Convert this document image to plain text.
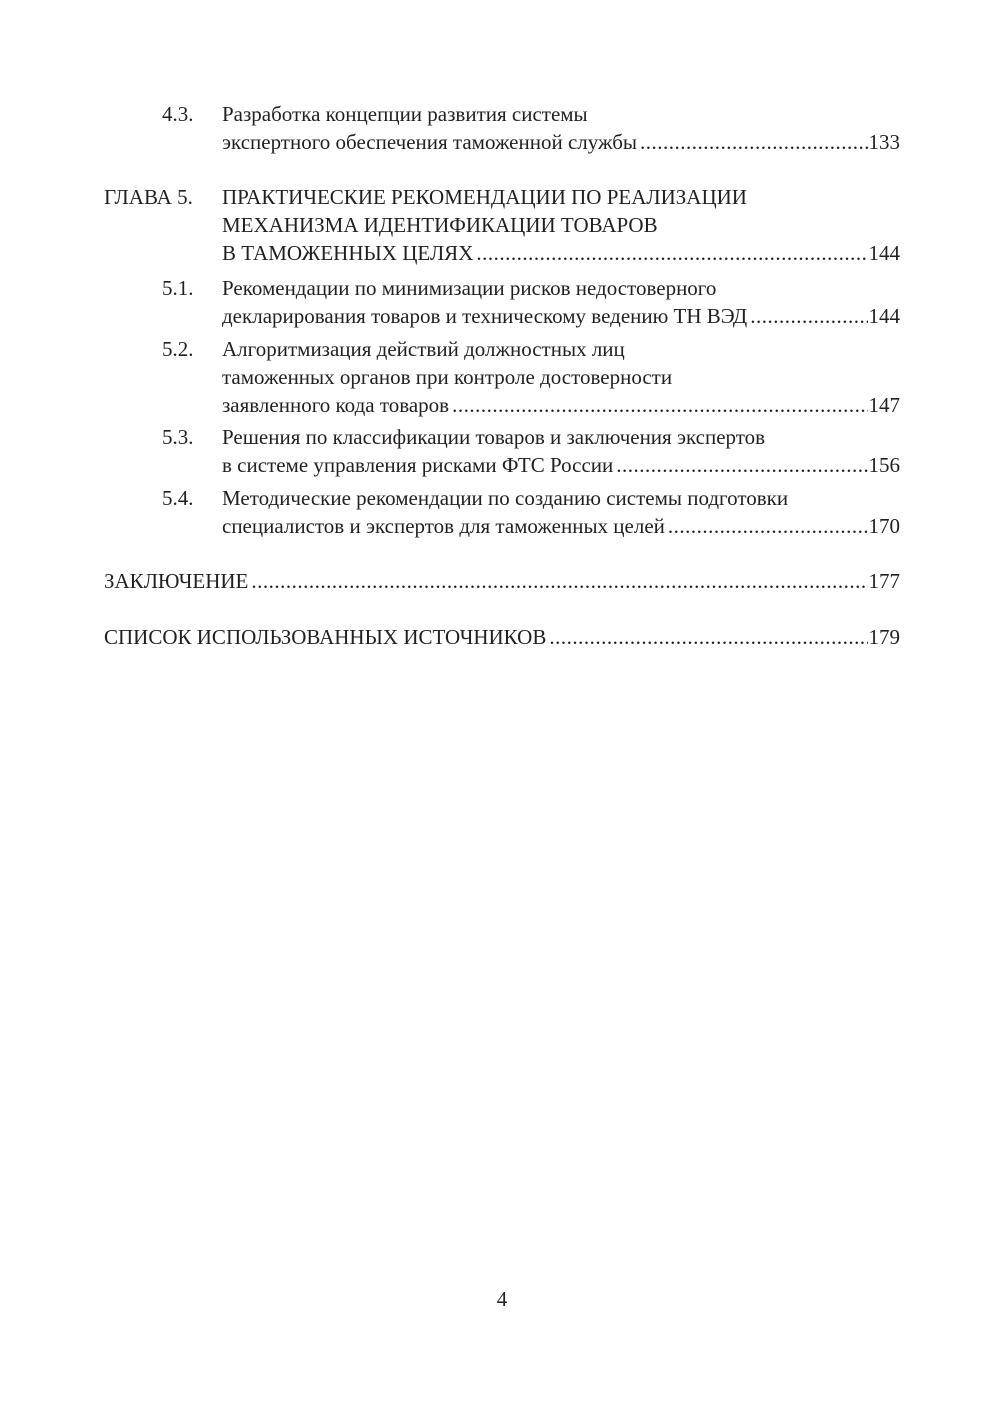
4.3. Разработка концепции развития системы
экспертного обеспечения таможенной службы .....	133
ГЛАВА 5. ПРАКТИЧЕСКИЕ РЕКОМЕНДАЦИИ ПО РЕАЛИЗАЦИИ
МЕХАНИЗМА ИДЕНТИФИКАЦИИ ТОВАРОВ
В ТАМОЖЕННЫХ ЦЕЛЯХ .....	144
5.1. Рекомендации по минимизации рисков недостоверного
декларирования товаров и техническому ведению ТН ВЭД .....	144
5.2. Алгоритмизация действий должностных лиц
таможенных органов при контроле достоверности
заявленного кода товаров .....	147
5.3. Решения по классификации товаров и заключения экспертов
в системе управления рисками ФТС России .....	156
5.4. Методические рекомендации по созданию системы подготовки
специалистов и экспертов для таможенных целей .....	170
ЗАКЛЮЧЕНИЕ .....	177
СПИСОК ИСПОЛЬЗОВАННЫХ ИСТОЧНИКОВ .....	179
4
